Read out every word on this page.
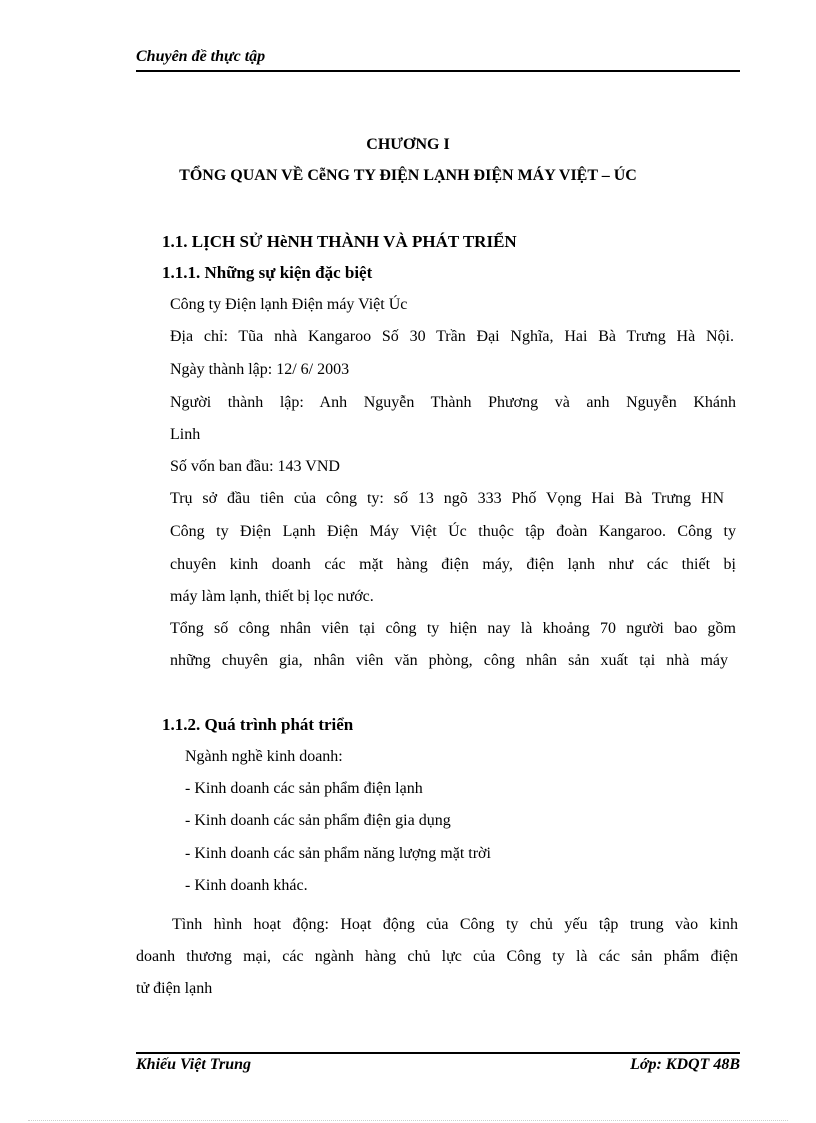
Chuyên đề thực tập
CHƯƠNG I
TỔNG QUAN VỀ CễNG TY ĐIỆN LẠNH ĐIỆN MÁY VIỆT – ÚC
1.1. LỊCH SỬ HèNH THÀNH VÀ PHÁT TRIỂN
1.1.1. Những sự kiện đặc biệt
Công ty Điện lạnh Điện máy Việt Úc
Địa chỉ: Tũa nhà Kangaroo Số 30 Trần Đại Nghĩa, Hai Bà Trưng Hà Nội.
Ngày thành lập: 12/ 6/ 2003
Người thành lập: Anh Nguyễn Thành Phương và anh Nguyễn Khánh
Linh
Số vốn ban đầu: 143 VND
Trụ sở đầu tiên của công ty: số 13 ngõ 333 Phố Vọng Hai Bà Trưng HN
Công ty Điện Lạnh Điện Máy Việt Úc thuộc tập đoàn Kangaroo. Công ty
chuyên kinh doanh các mặt hàng điện máy, điện lạnh như các thiết bị
máy làm lạnh, thiết bị lọc nước.
Tổng số công nhân viên tại công ty hiện nay là khoảng 70 người bao gồm
những chuyên gia, nhân viên văn phòng, công nhân sản xuất tại nhà máy
1.1.2. Quá trình phát triển
Ngành nghề kinh doanh:
- Kinh doanh các sản phẩm điện lạnh
- Kinh doanh các sản phẩm điện gia dụng
- Kinh doanh các sản phẩm năng lượng mặt trời
- Kinh doanh khác.
Tình hình hoạt động: Hoạt động của Công ty chủ yếu tập trung vào kinh
doanh thương mại, các ngành hàng chủ lực của Công ty là các sản phẩm điện
tử điện lạnh
Khiếu Việt Trung	Lớp: KDQT 48B
